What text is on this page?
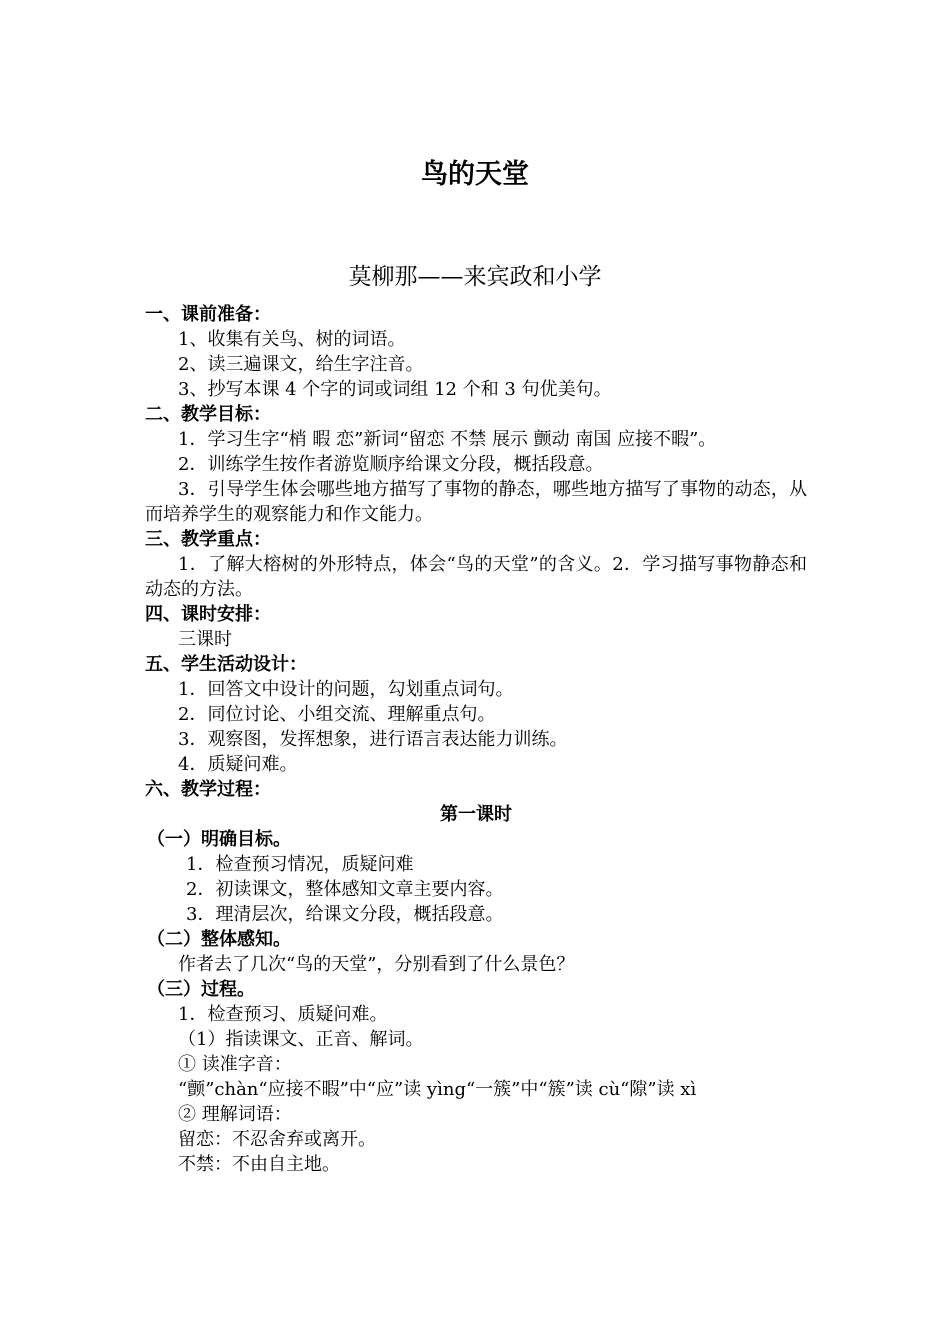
鸟的天堂
莫柳那——来宾政和小学
一、课前准备：
1、收集有关鸟、树的词语。
2、读三遍课文，给生字注音。
3、抄写本课 4 个字的词或词组 12 个和 3 句优美句。
二、教学目标：
1．学习生字“梢 暇 恋”新词“留恋 不禁 展示 颤动 南国 应接不暇”。
2．训练学生按作者游览顺序给课文分段，概括段意。
3．引导学生体会哪些地方描写了事物的静态，哪些地方描写了事物的动态，从而培养学生的观察能力和作文能力。
三、教学重点：
1．了解大榕树的外形特点，体会“鸟的天堂”的含义。2．学习描写事物静态和动态的方法。
四、课时安排：
三课时
五、学生活动设计：
1．回答文中设计的问题，勾划重点词句。
2．同位讨论、小组交流、理解重点句。
3．观察图，发挥想象，进行语言表达能力训练。
4．质疑问难。
六、教学过程：
第一课时
（一）明确目标。
1．检查预习情况，质疑问难
2．初读课文，整体感知文章主要内容。
3．理清层次，给课文分段，概括段意。
（二）整体感知。
作者去了几次“鸟的天堂”，分别看到了什么景色？
（三）过程。
1．检查预习、质疑问难。
（1）指读课文、正音、解词。
① 读准字音：
“颤”chàn“应接不暇”中“应”读 yìng“一簇”中“簇”读 cù“隙”读 xì
② 理解词语：
留恋：不忍舍弃或离开。
不禁：不由自主地。
